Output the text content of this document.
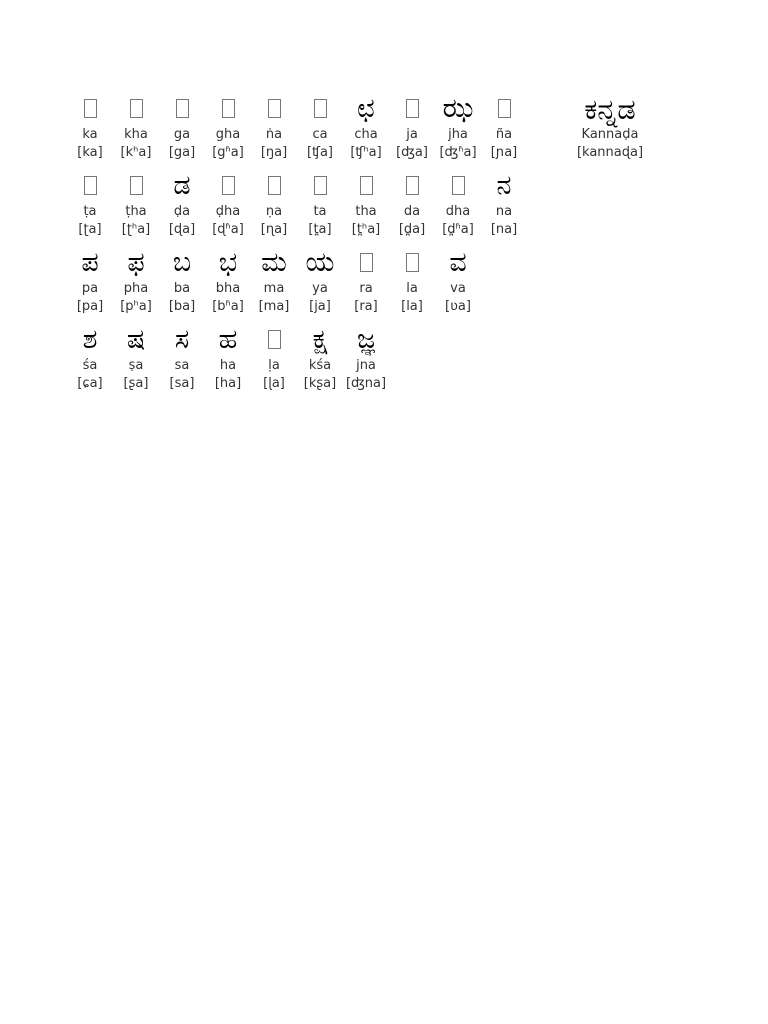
ka
[ka]
kha
[kʰa]
ga
[ga]
gha
[gʱa]
ṅa
[ŋa]
ca
[ʧa]
ಛ
cha
[ʧʰa]
ja
[ʤa]
ಝ
jha
[ʤʱa]
ña
[ɲa]
ṭa
[ʈa]
ṭha
[ʈʰa]
ಡ
ḍa
[ɖa]
ḍha
[ɖʱa]
ṇa
[ɳa]
ta
[t̪a]
tha
[t̪ʰa]
da
[d̪a]
dha
[d̪ʱa]
ನ
na
[na]
ಪ
pa
[pa]
ಫ
pha
[pʰa]
ಬ
ba
[ba]
ಭ
bha
[bʱa]
ಮ
ma
[ma]
ಯ
ya
[ja]
ra
[ra]
la
[la]
ವ
va
[ʋa]
ಶ
śa
[ɕa]
ಷ
ṣa
[ʂa]
ಸ
sa
[sa]
ಹ
ha
[ha]
ḷa
[ɭa]
ಕ್ಷ
kśa
[kʂa]
ಜ್ಞ
jna
[ʤna]
ಕನ್ನಡ
Kannaḍa
[kannaɖa]
